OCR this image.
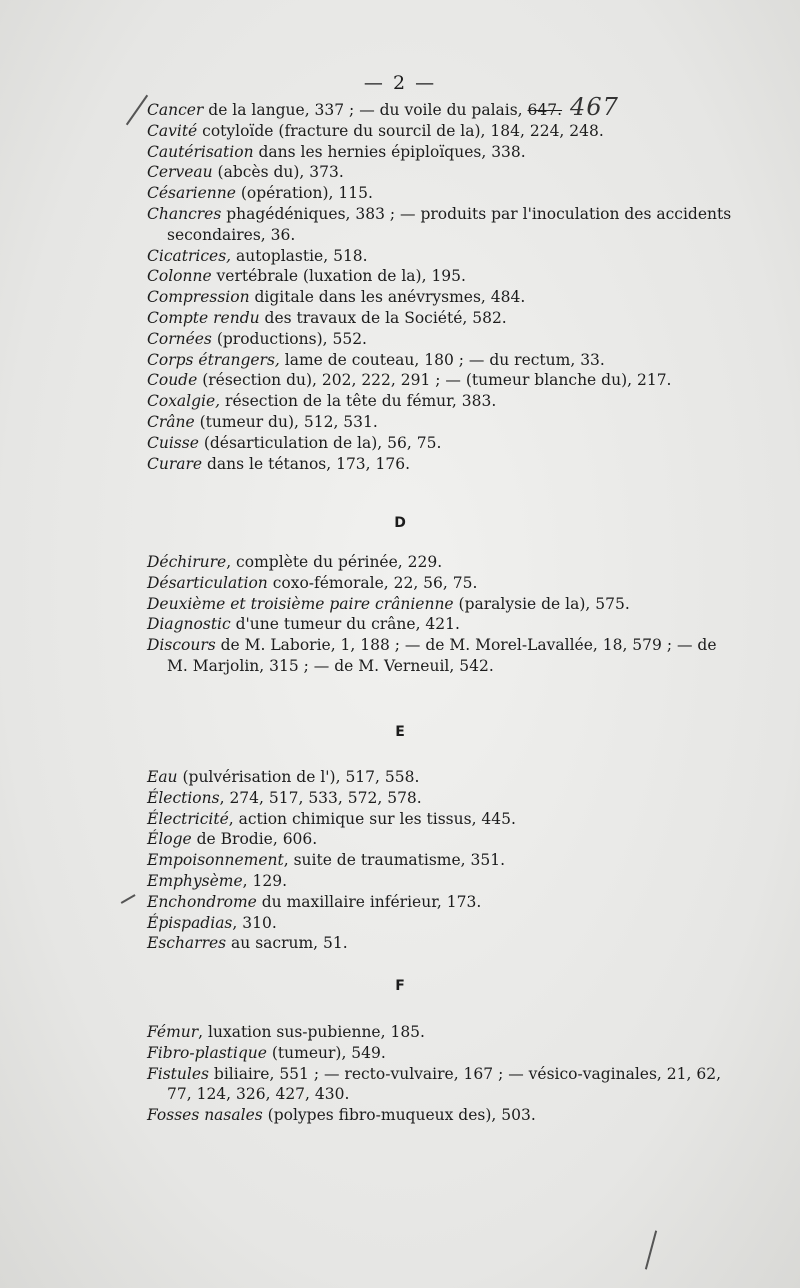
— 2 —
Cancer de la langue, 337 ; — du voile du palais, 647. 467
Cavité cotyloïde (fracture du sourcil de la), 184, 224, 248.
Cautérisation dans les hernies épiploïques, 338.
Cerveau (abcès du), 373.
Césarienne (opération), 115.
Chancres phagédéniques, 383 ; — produits par l'inoculation des accidents
secondaires, 36.
Cicatrices, autoplastie, 518.
Colonne vertébrale (luxation de la), 195.
Compression digitale dans les anévrysmes, 484.
Compte rendu des travaux de la Société, 582.
Cornées (productions), 552.
Corps étrangers, lame de couteau, 180 ; — du rectum, 33.
Coude (résection du), 202, 222, 291 ; — (tumeur blanche du), 217.
Coxalgie, résection de la tête du fémur, 383.
Crâne (tumeur du), 512, 531.
Cuisse (désarticulation de la), 56, 75.
Curare dans le tétanos, 173, 176.
D
Déchirure, complète du périnée, 229.
Désarticulation coxo-fémorale, 22, 56, 75.
Deuxième et troisième paire crânienne (paralysie de la), 575.
Diagnostic d'une tumeur du crâne, 421.
Discours de M. Laborie, 1, 188 ; — de M. Morel-Lavallée, 18, 579 ; — de
M. Marjolin, 315 ; — de M. Verneuil, 542.
E
Eau (pulvérisation de l'), 517, 558.
Élections, 274, 517, 533, 572, 578.
Électricité, action chimique sur les tissus, 445.
Éloge de Brodie, 606.
Empoisonnement, suite de traumatisme, 351.
Emphysème, 129.
Enchondrome du maxillaire inférieur, 173.
Épispadias, 310.
Escharres au sacrum, 51.
F
Fémur, luxation sus-pubienne, 185.
Fibro-plastique (tumeur), 549.
Fistules biliaire, 551 ; — recto-vulvaire, 167 ; — vésico-vaginales, 21, 62,
77, 124, 326, 427, 430.
Fosses nasales (polypes fibro-muqueux des), 503.
